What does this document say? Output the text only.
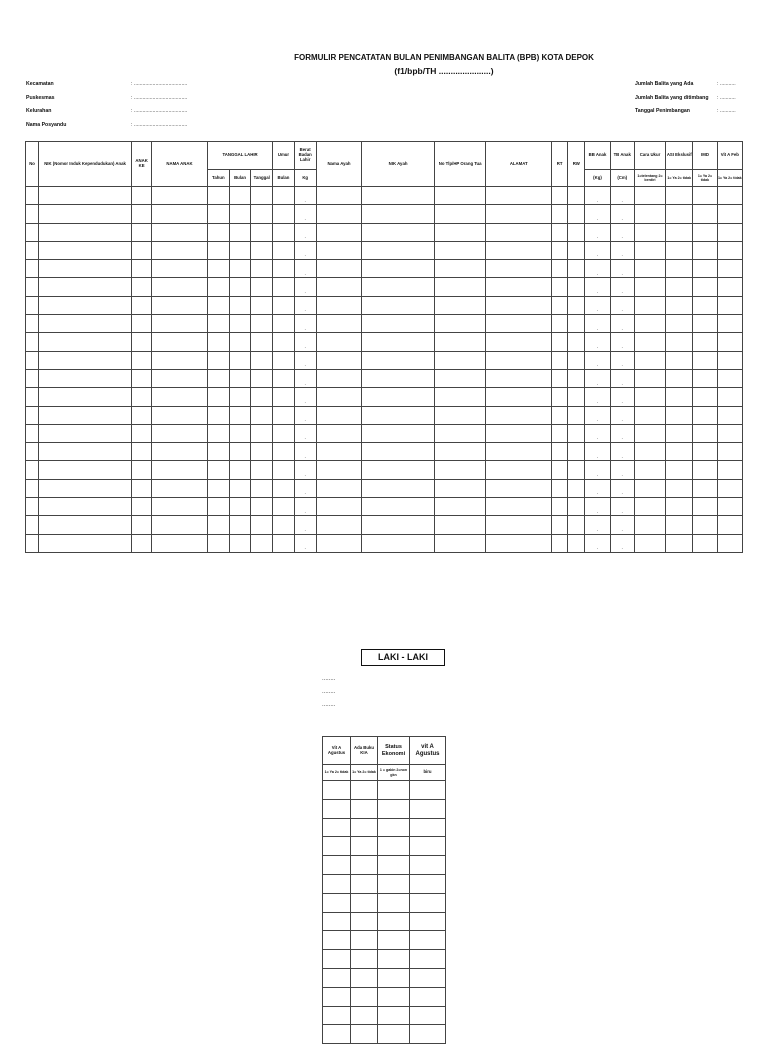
FORMULIR PENCATATAN BULAN PENIMBANGAN BALITA (BPB) KOTA DEPOK
(f1/bpb/TH ......................)
Kecamatan	: .....................................
Puskesmas	: .....................................
Kelurahan	: .....................................
Nama Posyandu	: .....................................
Jumlah Balita yang Ada	: ...........
Jumlah Balita yang ditimbang : ...........
Tanggal Penimbangan	: ...........
No	NIK (Nomor Induk Kependudukan) Anak	ANAK KE	NAMA ANAK	TANGGAL LAHIR			Umur	Berat Badan Lahir	Nama Ayah	NIK Ayah	No Tlp/HP Orang Tua	ALAMAT	RT	RW	BB Anak	TB Anak	Cara Ukur	ASI Ekslusif	IMD	Vit A Feb
				Tahun	Bulan	Tanggal	Bulan	Kg							(Kg)	(Cm)	1=telentang 2= berdiri	1= Ya 2= tidak	1= Ya 2= tidak	1= Ya 2= tidak
								.							.	.				
								.							.	.				
								.							.	.				
								.							.	.				
								.							.	.				
								.							.	.				
								.							.	.				
								.							.	.				
								.							.	.				
								.							.	.				
								.							.	.				
								.							.	.				
								.							.	.				
								.							.	.				
								.							.	.				
								.							.	.				
								.							.	.				
								.							.	.				
								.							.	.				
								.							.	.				
LAKI - LAKI
........
........
........
Vit A Agustus	Ada Buku KIA	Status Ekonomi	vit A Agustus
1= Ya 2= tidak	1= Ya 2= tidak	1 = gakin 2=non gkn	biru
